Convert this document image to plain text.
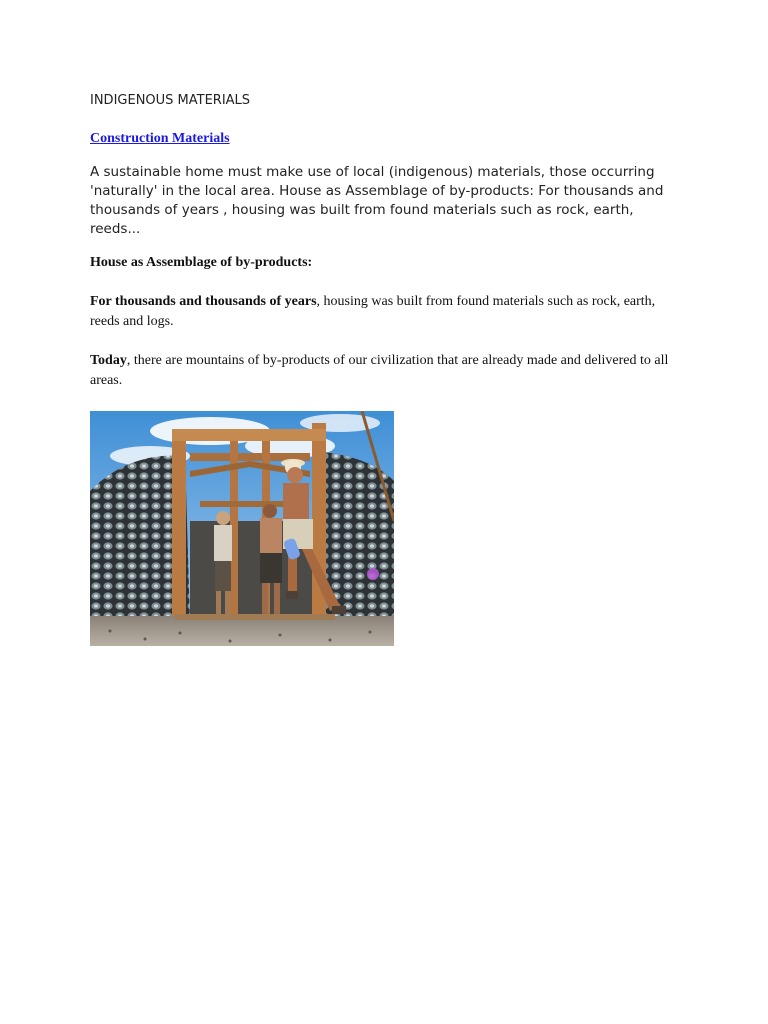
INDIGENOUS MATERIALS
Construction Materials

A sustainable home must make use of local (indigenous) materials, those occurring 'naturally' in the local area. House as Assemblage of by-products: For thousands and thousands of years , housing was built from found materials such as rock, earth, reeds...

House as Assemblage of by-products:

For thousands and thousands of years, housing was built from found materials such as rock, earth, reeds and logs.

Today, there are mountains of by-products of our civilization that are already made and delivered to all areas.
